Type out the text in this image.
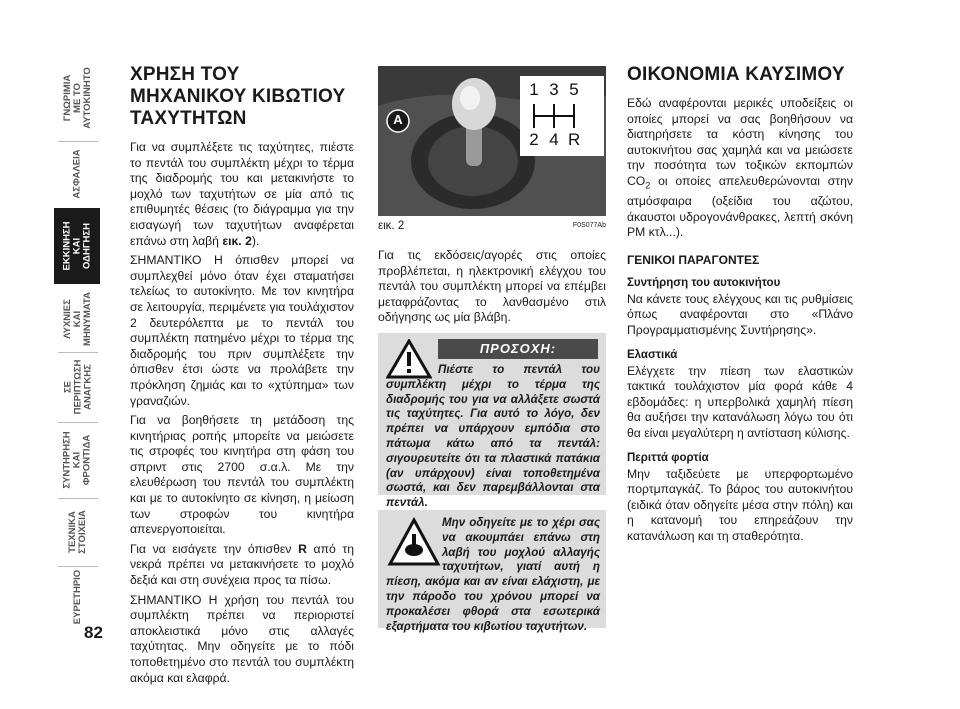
ΓΝΩΡΙΜΙΑ
ΜΕ ΤΟ
ΑΥΤΟΚΙΝΗΤΟ
ΑΣΦΑΛΕΙΑ
ΕΚΚΙΝΗΣΗ
ΚΑΙ
ΟΔΗΓΗΣΗ
ΛΥΧΝΙΕΣ
ΚΑΙ
ΜΗΝΥΜΑΤΑ
ΣΕ
ΠΕΡΙΠΤΩΣΗ
ΑΝΑΓΚΗΣ
ΣΥΝΤΗΡΗΣΗ
ΚΑΙ
ΦΡΟΝΤΙΔΑ
ΤΕΧΝΙΚΑ
ΣΤΟΙΧΕΙΑ
ΕΥΡΕΤΗΡΙΟ
82
ΧΡΗΣΗ ΤΟΥ ΜΗΧΑΝΙΚΟΥ ΚΙΒΩΤΙΟΥ ΤΑΧΥΤΗΤΩΝ

Για να συμπλέξετε τις ταχύτητες, πιέστε το πεντάλ του συμπλέκτη μέχρι το τέρμα της διαδρομής του και μετακινήστε το μοχλό των ταχυτήτων σε μία από τις επιθυμητές θέσεις (το διάγραμμα για την εισαγωγή των ταχυτήτων αναφέρεται επάνω στη λαβή εικ. 2).

ΣΗΜΑΝΤΙΚΟ Η όπισθεν μπορεί να συμπλεχθεί μόνο όταν έχει σταματήσει τελείως το αυτοκίνητο. Με τον κινητήρα σε λειτουργία, περιμένετε για τουλάχιστον 2 δευτερόλεπτα με το πεντάλ του συμπλέκτη πατημένο μέχρι το τέρμα της διαδρομής του πριν συμπλέξετε την όπισθεν έτσι ώστε να προλάβετε την πρόκληση ζημιάς και το «χτύπημα» των γραναζιών.

Για να βοηθήσετε τη μετάδοση της κινητήριας ροπής μπορείτε να μειώσετε τις στροφές του κινητήρα στη φάση του σπριντ στις 2700 σ.α.λ. Με την ελευθέρωση του πεντάλ του συμπλέκτη και με το αυτοκίνητο σε κίνηση, η μείωση των στροφών του κινητήρα απενεργοποιείται.

Για να εισάγετε την όπισθεν R από τη νεκρά πρέπει να μετακινήσετε το μοχλό δεξιά και στη συνέχεια προς τα πίσω.

ΣΗΜΑΝΤΙΚΟ Η χρήση του πεντάλ του συμπλέκτη πρέπει να περιοριστεί αποκλειστικά μόνο στις αλλαγές ταχύτητας. Μην οδηγείτε με το πόδι τοποθετημένο στο πεντάλ του συμπλέκτη ακόμα και ελαφρά.

A
1 3 5
2 4 R
εικ. 2	F0S077Ab

Για τις εκδόσεις/αγορές στις οποίες προβλέπεται, η ηλεκτρονική ελέγχου του πεντάλ του συμπλέκτη μπορεί να επέμβει μεταφράζοντας το λανθασμένο στιλ οδήγησης ως μία βλάβη.

ΠΡΟΣΟΧΗ:
Πιέστε το πεντάλ του συμπλέκτη μέχρι το τέρμα της διαδρομής του για να αλλάξετε σωστά τις ταχύτητες. Για αυτό το λόγο, δεν πρέπει να υπάρχουν εμπόδια στο πάτωμα κάτω από τα πεντάλ: σιγουρευτείτε ότι τα πλαστικά πατάκια (αν υπάρχουν) είναι τοποθετημένα σωστά, και δεν παρεμβάλλονται στα πεντάλ.
Μην οδηγείτε με το χέρι σας να ακουμπάει επάνω στη λαβή του μοχλού αλλαγής ταχυτήτων, γιατί αυτή η πίεση, ακόμα και αν είναι ελάχιστη, με την πάροδο του χρόνου μπορεί να προκαλέσει φθορά στα εσωτερικά εξαρτήματα του κιβωτίου ταχυτήτων.
ΟΙΚΟΝΟΜΙΑ ΚΑΥΣΙΜΟΥ

Εδώ αναφέρονται μερικές υποδείξεις οι οποίες μπορεί να σας βοηθήσουν να διατηρήσετε τα κόστη κίνησης του αυτοκινήτου σας χαμηλά και να μειώσετε την ποσότητα των τοξικών εκπομπών $CO_2$ οι οποίες απελευθερώνονται στην ατμόσφαιρα (οξείδια του αζώτου, άκαυστοι υδρογονάνθρακες, λεπτή σκόνη PM κτλ...).

ΓΕΝΙΚΟΙ ΠΑΡΑΓΟΝΤΕΣ
Συντήρηση του αυτοκινήτου

Να κάνετε τους ελέγχους και τις ρυθμίσεις όπως αναφέρονται στο «Πλάνο Προγραμματισμένης Συντήρησης».

Ελαστικά

Ελέγχετε την πίεση των ελαστικών τακτικά τουλάχιστον μία φορά κάθε 4 εβδομάδες: η υπερβολικά χαμηλή πίεση θα αυξήσει την κατανάλωση λόγω του ότι θα είναι μεγαλύτερη η αντίσταση κύλισης.

Περιττά φορτία

Μην ταξιδεύετε με υπερφορτωμένο πορτμπαγκάζ. Το βάρος του αυτοκινήτου (ειδικά όταν οδηγείτε μέσα στην πόλη) και η κατανομή του επηρεάζουν την κατανάλωση και τη σταθερότητα.
